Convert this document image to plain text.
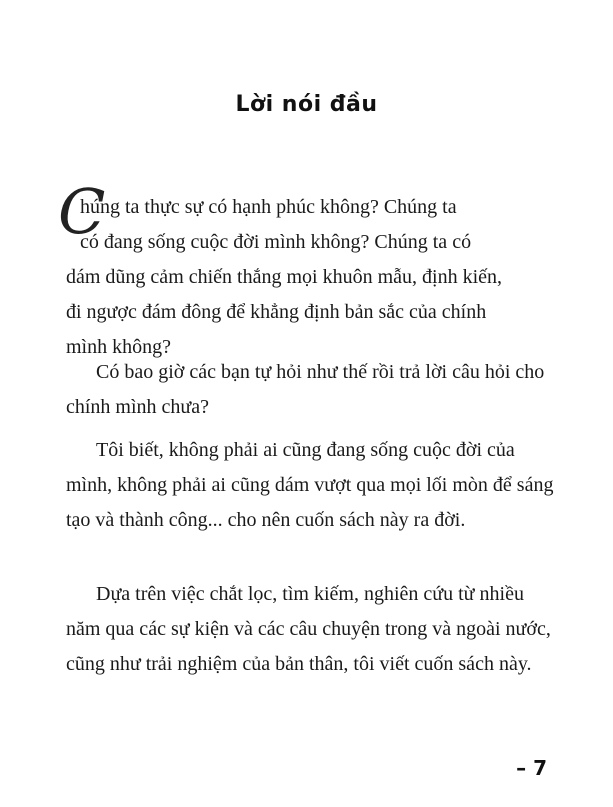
Lời nói đầu
C
húng ta thực sự có hạnh phúc không? Chúng ta
có đang sống cuộc đời mình không? Chúng ta có
dám dũng cảm chiến thắng mọi khuôn mẫu, định kiến,
đi ngược đám đông để khẳng định bản sắc của chính
mình không?
Có bao giờ các bạn tự hỏi như thế rồi trả lời câu hỏi cho chính mình chưa?
Tôi biết, không phải ai cũng đang sống cuộc đời của mình, không phải ai cũng dám vượt qua mọi lối mòn để sáng tạo và thành công... cho nên cuốn sách này ra đời.
Dựa trên việc chắt lọc, tìm kiếm, nghiên cứu từ nhiều năm qua các sự kiện và các câu chuyện trong và ngoài nước, cũng như trải nghiệm của bản thân, tôi viết cuốn sách này.
– 7
